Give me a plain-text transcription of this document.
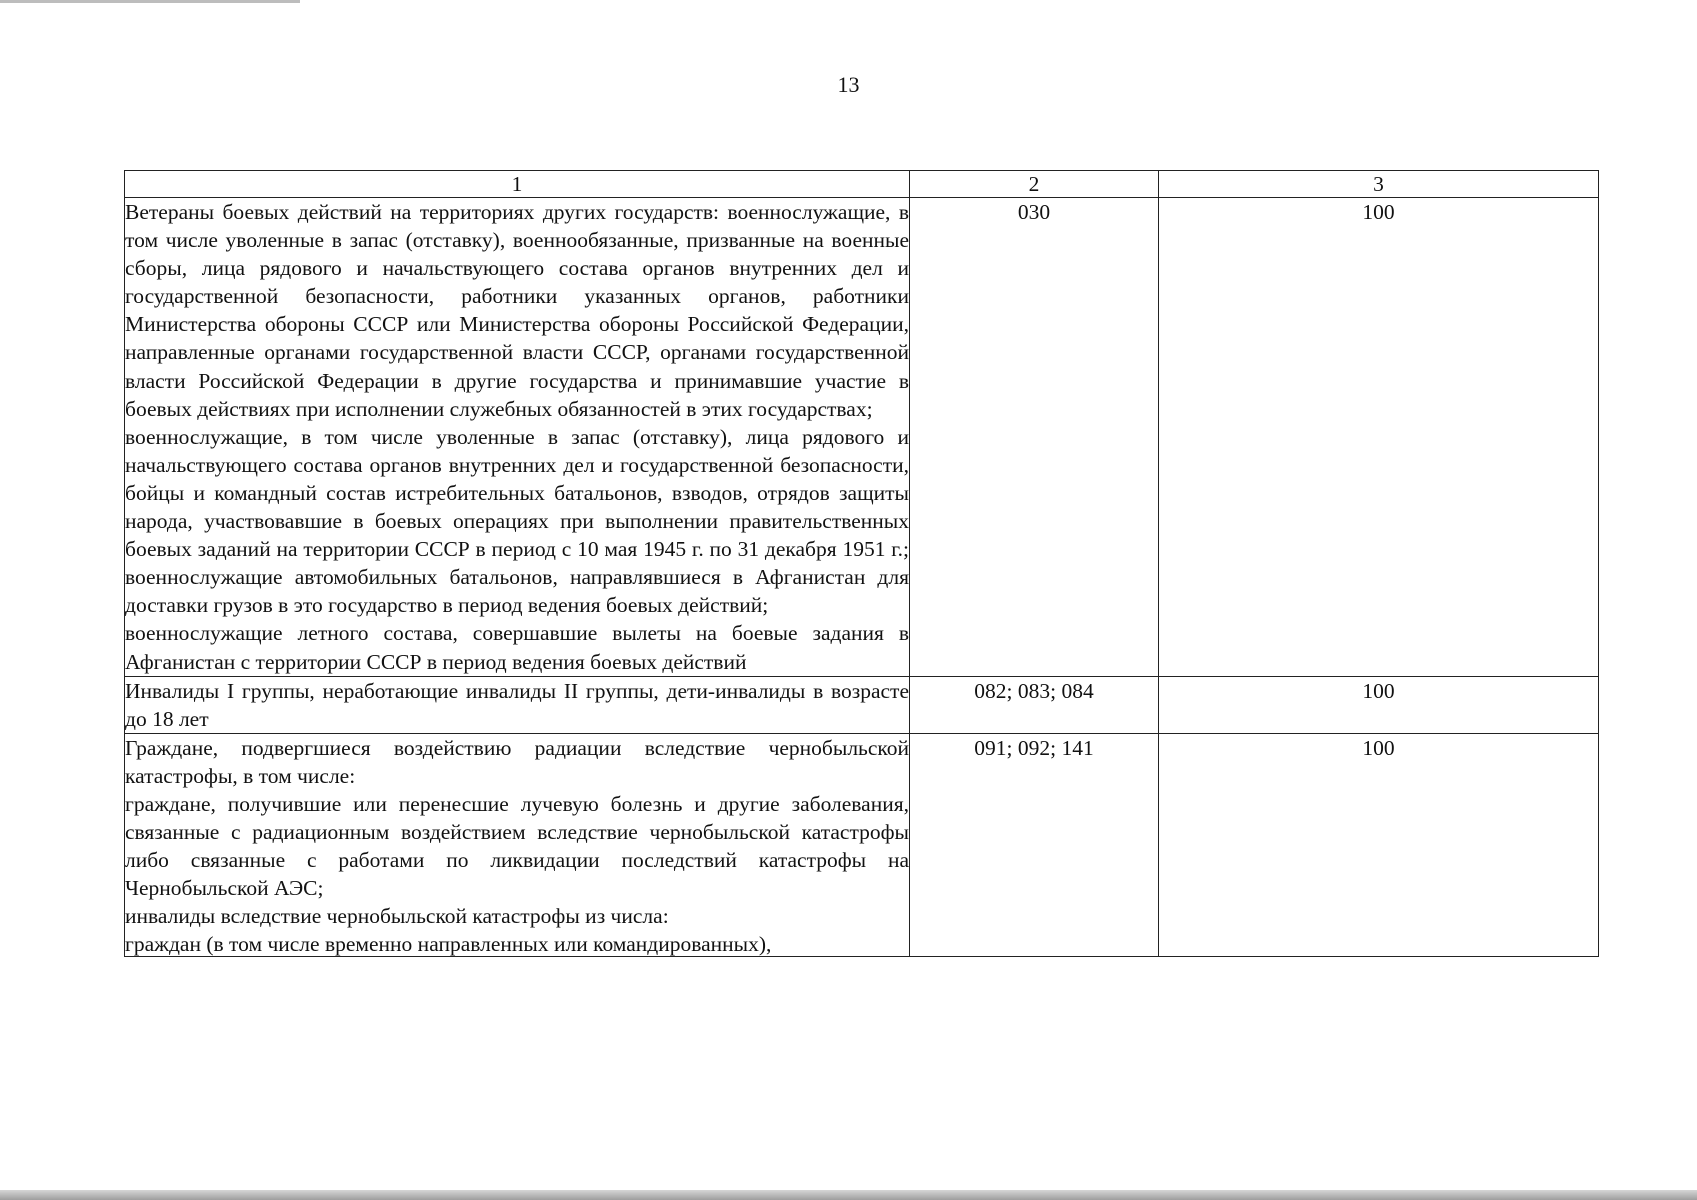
13
1	2	3

Ветераны боевых действий на территориях других государств: военнослужащие, в том числе уволенные в запас (отставку), военнообязанные, призванные на военные сборы, лица рядового и начальствующего состава органов внутренних дел и государственной безопасности, работники указанных органов, работники Министерства обороны СССР или Министерства обороны Российской Федерации, направленные органами государственной власти СССР, органами государственной власти Российской Федерации в другие государства и принимавшие участие в боевых действиях при исполнении служебных обязанностей в этих государствах;

военнослужащие, в том числе уволенные в запас (отставку), лица рядового и начальствующего состава органов внутренних дел и государственной безопасности, бойцы и командный состав истребительных батальонов, взводов, отрядов защиты народа, участвовавшие в боевых операциях при выполнении правительственных боевых заданий на территории СССР в период с 10 мая 1945 г. по 31 декабря 1951 г.; военнослужащие автомобильных батальонов, направлявшиеся в Афганистан для доставки грузов в это государство в период ведения боевых действий;

военнослужащие летного состава, совершавшие вылеты на боевые задания в Афганистан с территории СССР в период ведения боевых действий	030	100

Инвалиды I группы, неработающие инвалиды II группы, дети-инвалиды в возрасте до 18 лет	082; 083; 084	100

Граждане, подвергшиеся воздействию радиации вследствие чернобыльской катастрофы, в том числе:

граждане, получившие или перенесшие лучевую болезнь и другие заболевания, связанные с радиационным воздействием вследствие чернобыльской катастрофы либо связанные с работами по ликвидации последствий катастрофы на Чернобыльской АЭС;

инвалиды вследствие чернобыльской катастрофы из числа:

граждан (в том числе временно направленных или командированных),	091; 092; 141	100
